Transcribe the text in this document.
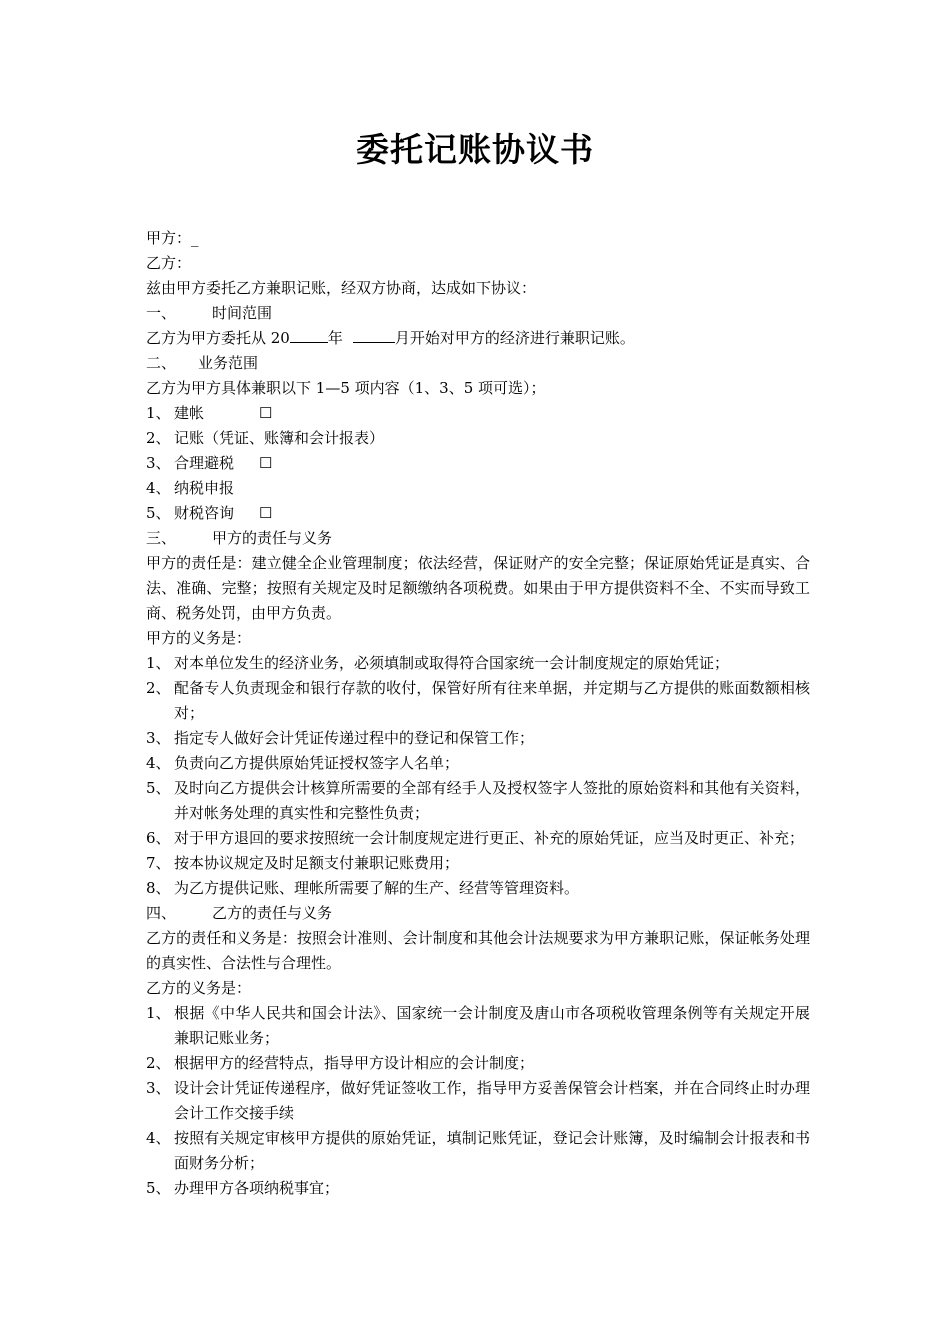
委托记账协议书
甲方：_
乙方：
兹由甲方委托乙方兼职记账，经双方协商，达成如下协议：
一、 时间范围
乙方为甲方委托从 20	年	月开始对甲方的经济进行兼职记账。
二、 业务范围
乙方为甲方具体兼职以下 1—5 项内容（1、3、5 项可选）；
1、 建帐	☐
2、 记账（凭证、账簿和会计报表）
3、 合理避税 ☐
4、 纳税申报
5、 财税咨询 ☐
三、 甲方的责任与义务
甲方的责任是：建立健全企业管理制度；依法经营，保证财产的安全完整；保证原始凭证是真实、合法、准确、完整；按照有关规定及时足额缴纳各项税费。如果由于甲方提供资料不全、不实而导致工商、税务处罚，由甲方负责。
甲方的义务是：
1、 对本单位发生的经济业务，必须填制或取得符合国家统一会计制度规定的原始凭证；
2、 配备专人负责现金和银行存款的收付，保管好所有往来单据，并定期与乙方提供的账面数额相核对；
3、 指定专人做好会计凭证传递过程中的登记和保管工作；
4、 负责向乙方提供原始凭证授权签字人名单；
5、 及时向乙方提供会计核算所需要的全部有经手人及授权签字人签批的原始资料和其他有关资料，并对帐务处理的真实性和完整性负责；
6、 对于甲方退回的要求按照统一会计制度规定进行更正、补充的原始凭证，应当及时更正、补充；
7、 按本协议规定及时足额支付兼职记账费用；
8、 为乙方提供记账、理帐所需要了解的生产、经营等管理资料。
四、 乙方的责任与义务
乙方的责任和义务是：按照会计准则、会计制度和其他会计法规要求为甲方兼职记账，保证帐务处理的真实性、合法性与合理性。
乙方的义务是：
1、 根据《中华人民共和国会计法》、国家统一会计制度及唐山市各项税收管理条例等有关规定开展兼职记账业务；
2、 根据甲方的经营特点，指导甲方设计相应的会计制度；
3、 设计会计凭证传递程序，做好凭证签收工作，指导甲方妥善保管会计档案，并在合同终止时办理会计工作交接手续
4、 按照有关规定审核甲方提供的原始凭证，填制记账凭证，登记会计账簿，及时编制会计报表和书面财务分析；
5、 办理甲方各项纳税事宜；
